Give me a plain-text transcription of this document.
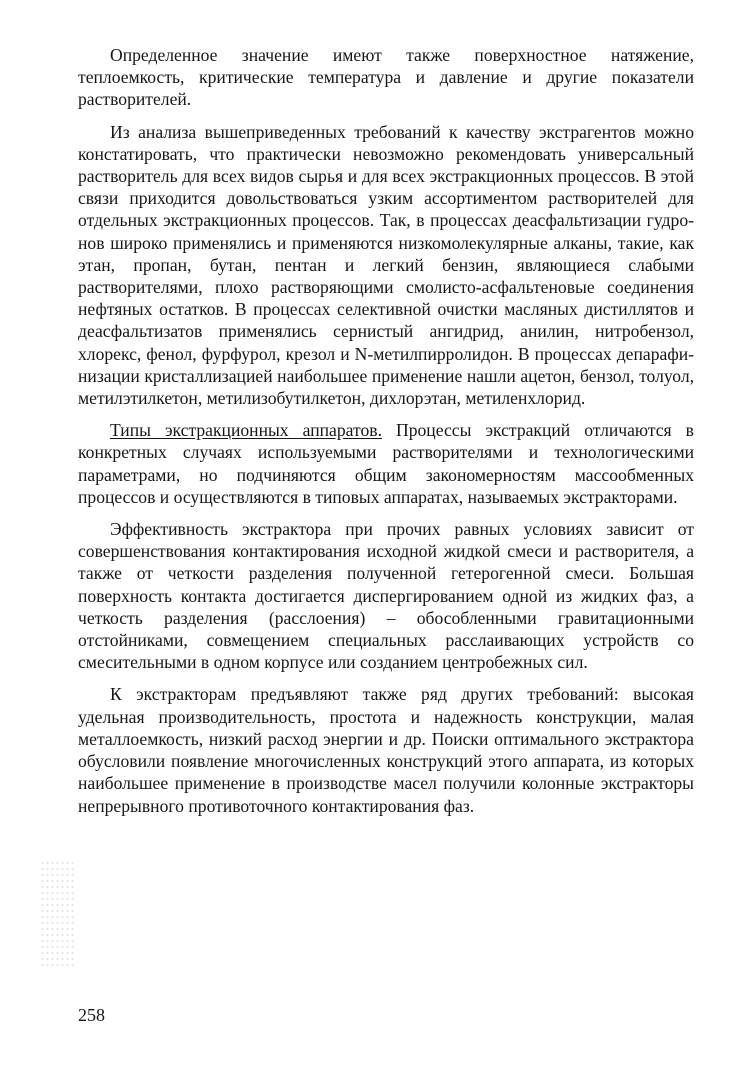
Определенное значение имеют также поверхностное натяжение, теплоемкость, критические температура и давление и другие показатели растворителей.

Из анализа вышеприведенных требований к качеству экстрагентов можно констатировать, что практически невозможно рекомендовать универсальный растворитель для всех видов сырья и для всех экстракционных процессов. В этой связи приходится довольствоваться узким ассортиментом растворителей для отдельных экстракционных процессов. Так, в процессах деасфальтизации гудронов широко применялись и применяются низкомолекулярные алканы, такие, как этан, пропан, бутан, пентан и легкий бензин, являющиеся слабыми растворителями, плохо растворяющими смолисто-асфальтеновые соединения нефтяных остатков. В процессах селективной очистки масляных дистиллятов и деасфальтизатов применялись сернистый ангидрид, анилин, нитробензол, хлорекс, фенол, фурфурол, крезол и N-метилпирролидон. В процессах депарафинизации кристаллизацией наибольшее применение нашли ацетон, бензол, толуол, метилэтилкетон, метилизобутилкетон, дихлорэтан, метиленхлорид.

Типы экстракционных аппаратов. Процессы экстракций отличаются в конкретных случаях используемыми растворителями и технологическими параметрами, но подчиняются общим закономерностям массообменных процессов и осуществляются в типовых аппаратах, называемых экстракторами.

Эффективность экстрактора при прочих равных условиях зависит от совершенствования контактирования исходной жидкой смеси и растворителя, а также от четкости разделения полученной гетерогенной смеси. Большая поверхность контакта достигается диспергированием одной из жидких фаз, а четкость разделения (расслоения) – обособленными гравитационными отстойниками, совмещением специальных расслаивающих устройств со смесительными в одном корпусе или созданием центробежных сил.

К экстракторам предъявляют также ряд других требований: высокая удельная производительность, простота и надежность конструкции, малая металлоемкость, низкий расход энергии и др. Поиски оптимального экстрактора обусловили появление многочисленных конструкций этого аппарата, из которых наибольшее применение в производстве масел получили колонные экстракторы непрерывного противоточного контактирования фаз.

258
